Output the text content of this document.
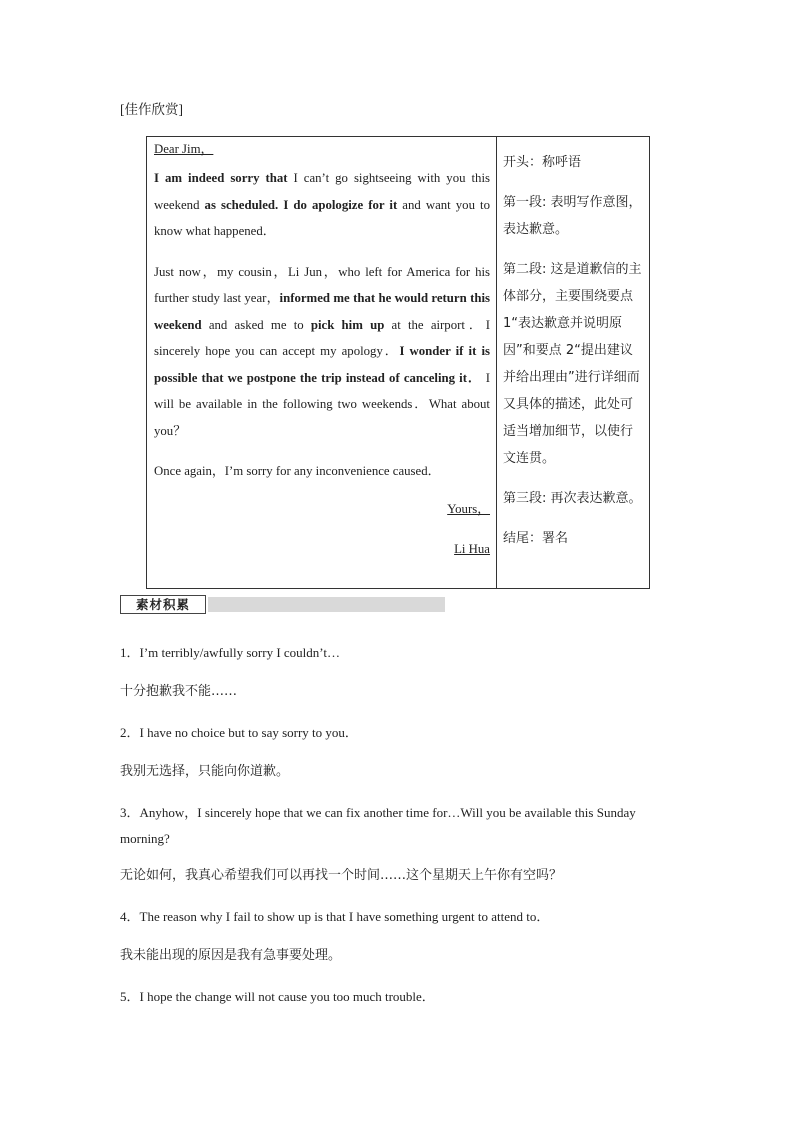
[佳作欣赏]

Dear Jim，

I am indeed sorry that I can’t go sightseeing with you this weekend as scheduled. I do apologize for it and want you to know what happened．

Just now，my cousin，Li Jun，who left for America for his further study last year，informed me that he would return this weekend and asked me to pick him up at the airport．I sincerely hope you can accept my apology．I wonder if it is possible that we postpone the trip instead of canceling it． I will be available in the following two weekends．What about you？

Once again，I’m sorry for any inconvenience caused．

Yours，

Li Hua

开头：称呼语

第一段: 表明写作意图，表达歉意。

第二段: 这是道歉信的主体部分，主要围绕要点 1“表达歉意并说明原因”和要点 2“提出建议并给出理由”进行详细而又具体的描述，此处可适当增加细节，以使行文连贯。

第三段: 再次表达歉意。

结尾：署名

素材积累

1．I’m terribly/awfully sorry I couldn’t…

十分抱歉我不能……

2．I have no choice but to say sorry to you．

我别无选择，只能向你道歉。

3．Anyhow，I sincerely hope that we can fix another time for…Will you be available this Sunday morning?

无论如何，我真心希望我们可以再找一个时间……这个星期天上午你有空吗？

4．The reason why I fail to show up is that I have something urgent to attend to．

我未能出现的原因是我有急事要处理。

5．I hope the change will not cause you too much trouble．
